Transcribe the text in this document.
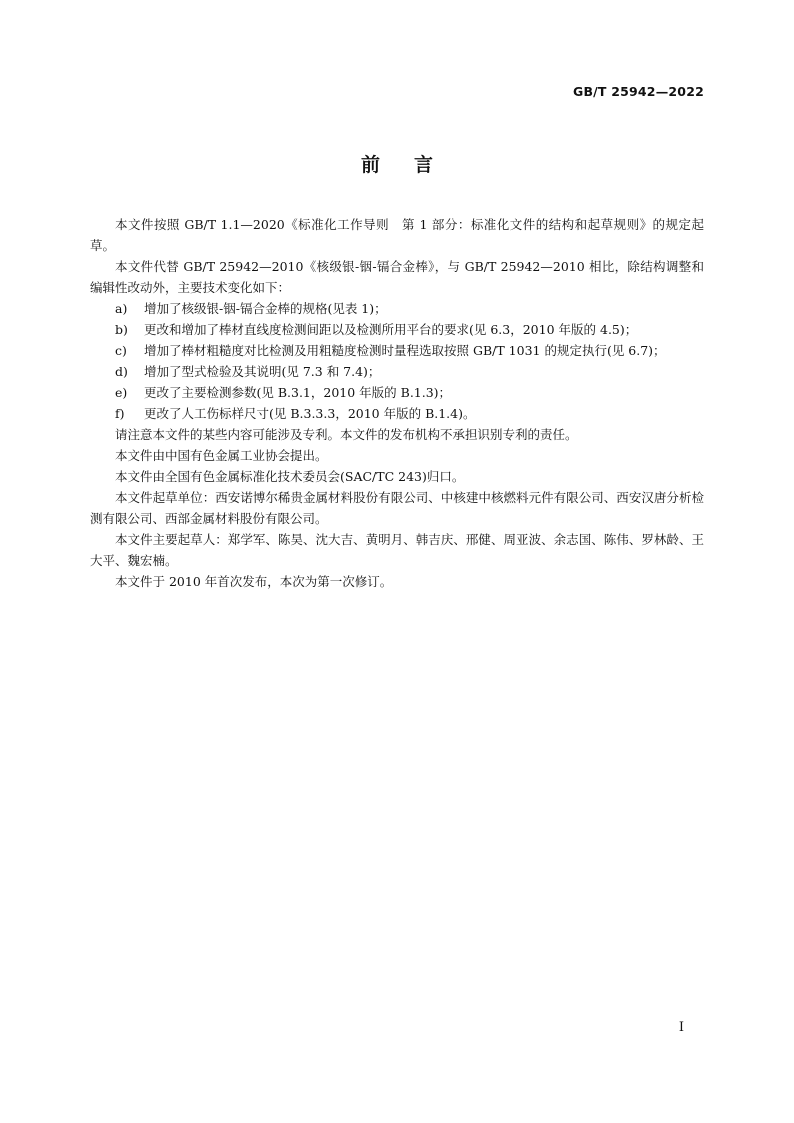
GB/T 25942—2022
前言

本文件按照 GB/T 1.1—2020《标准化工作导则　第 1 部分：标准化文件的结构和起草规则》的规定起草。

本文件代替 GB/T 25942—2010《核级银-铟-镉合金棒》，与 GB/T 25942—2010 相比，除结构调整和编辑性改动外，主要技术变化如下：

a) 增加了核级银-铟-镉合金棒的规格(见表 1)；

b) 更改和增加了棒材直线度检测间距以及检测所用平台的要求(见 6.3，2010 年版的 4.5)；

c) 增加了棒材粗糙度对比检测及用粗糙度检测时量程选取按照 GB/T 1031 的规定执行(见 6.7)；

d) 增加了型式检验及其说明(见 7.3 和 7.4)；

e) 更改了主要检测参数(见 B.3.1，2010 年版的 B.1.3)；

f) 更改了人工伤标样尺寸(见 B.3.3.3，2010 年版的 B.1.4)。

请注意本文件的某些内容可能涉及专利。本文件的发布机构不承担识别专利的责任。

本文件由中国有色金属工业协会提出。

本文件由全国有色金属标准化技术委员会(SAC/TC 243)归口。

本文件起草单位：西安诺博尔稀贵金属材料股份有限公司、中核建中核燃料元件有限公司、西安汉唐分析检测有限公司、西部金属材料股份有限公司。

本文件主要起草人：郑学军、陈昊、沈大吉、黄明月、韩吉庆、邢健、周亚波、余志国、陈伟、罗林龄、王大平、魏宏楠。

本文件于 2010 年首次发布，本次为第一次修订。

I
